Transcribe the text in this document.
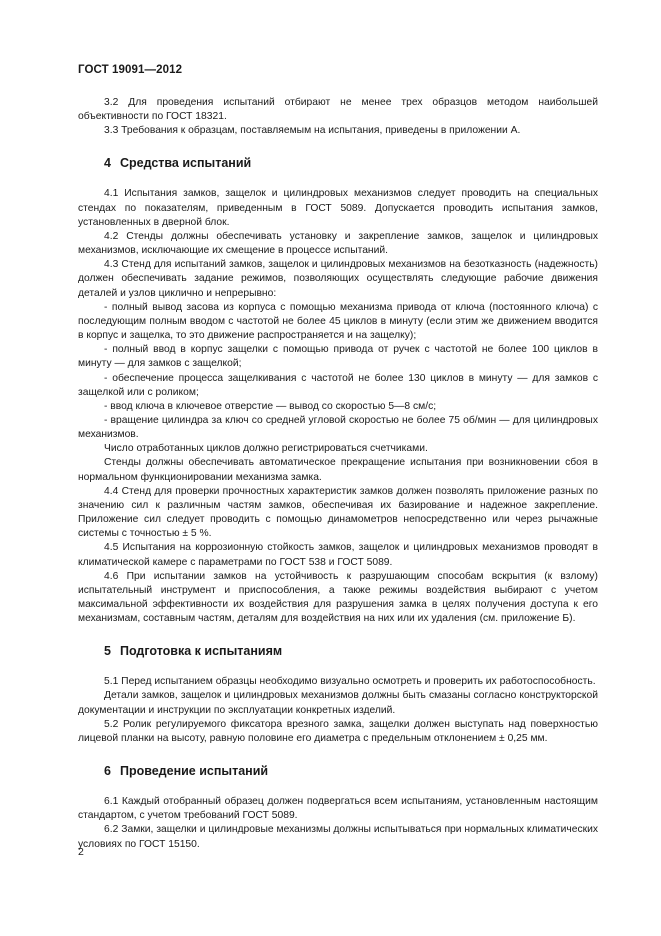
ГОСТ 19091—2012

3.2 Для проведения испытаний отбирают не менее трех образцов методом наибольшей объективности по ГОСТ 18321.

3.3 Требования к образцам, поставляемым на испытания, приведены в приложении А.

4 Средства испытаний

4.1 Испытания замков, защелок и цилиндровых механизмов следует проводить на специальных стендах по показателям, приведенным в ГОСТ 5089. Допускается проводить испытания замков, установленных в дверной блок.

4.2 Стенды должны обеспечивать установку и закрепление замков, защелок и цилиндровых механизмов, исключающие их смещение в процессе испытаний.

4.3 Стенд для испытаний замков, защелок и цилиндровых механизмов на безотказность (надежность) должен обеспечивать задание режимов, позволяющих осуществлять следующие рабочие движения деталей и узлов циклично и непрерывно:

- полный вывод засова из корпуса с помощью механизма привода от ключа (постоянного ключа) с последующим полным вводом с частотой не более 45 циклов в минуту (если этим же движением вводится в корпус и защелка, то это движение распространяется и на защелку);

- полный ввод в корпус защелки с помощью привода от ручек с частотой не более 100 циклов в минуту — для замков с защелкой;

- обеспечение процесса защелкивания с частотой не более 130 циклов в минуту — для замков с защелкой или с роликом;

- ввод ключа в ключевое отверстие — вывод со скоростью 5—8 см/с;

- вращение цилиндра за ключ со средней угловой скоростью не более 75 об/мин — для цилиндровых механизмов.

Число отработанных циклов должно регистрироваться счетчиками.

Стенды должны обеспечивать автоматическое прекращение испытания при возникновении сбоя в нормальном функционировании механизма замка.

4.4 Стенд для проверки прочностных характеристик замков должен позволять приложение разных по значению сил к различным частям замков, обеспечивая их базирование и надежное закрепление. Приложение сил следует проводить с помощью динамометров непосредственно или через рычажные системы с точностью ± 5 %.

4.5 Испытания на коррозионную стойкость замков, защелок и цилиндровых механизмов проводят в климатической камере с параметрами по ГОСТ 538 и ГОСТ 5089.

4.6 При испытании замков на устойчивость к разрушающим способам вскрытия (к взлому) испытательный инструмент и приспособления, а также режимы воздействия выбирают с учетом максимальной эффективности их воздействия для разрушения замка в целях получения доступа к его механизмам, составным частям, деталям для воздействия на них или их удаления (см. приложение Б).

5 Подготовка к испытаниям

5.1 Перед испытанием образцы необходимо визуально осмотреть и проверить их работоспособность.

Детали замков, защелок и цилиндровых механизмов должны быть смазаны согласно конструкторской документации и инструкции по эксплуатации конкретных изделий.

5.2 Ролик регулируемого фиксатора врезного замка, защелки должен выступать над поверхностью лицевой планки на высоту, равную половине его диаметра с предельным отклонением ± 0,25 мм.

6 Проведение испытаний

6.1 Каждый отобранный образец должен подвергаться всем испытаниям, установленным настоящим стандартом, с учетом требований ГОСТ 5089.

6.2 Замки, защелки и цилиндровые механизмы должны испытываться при нормальных климатических условиях по ГОСТ 15150.

2
